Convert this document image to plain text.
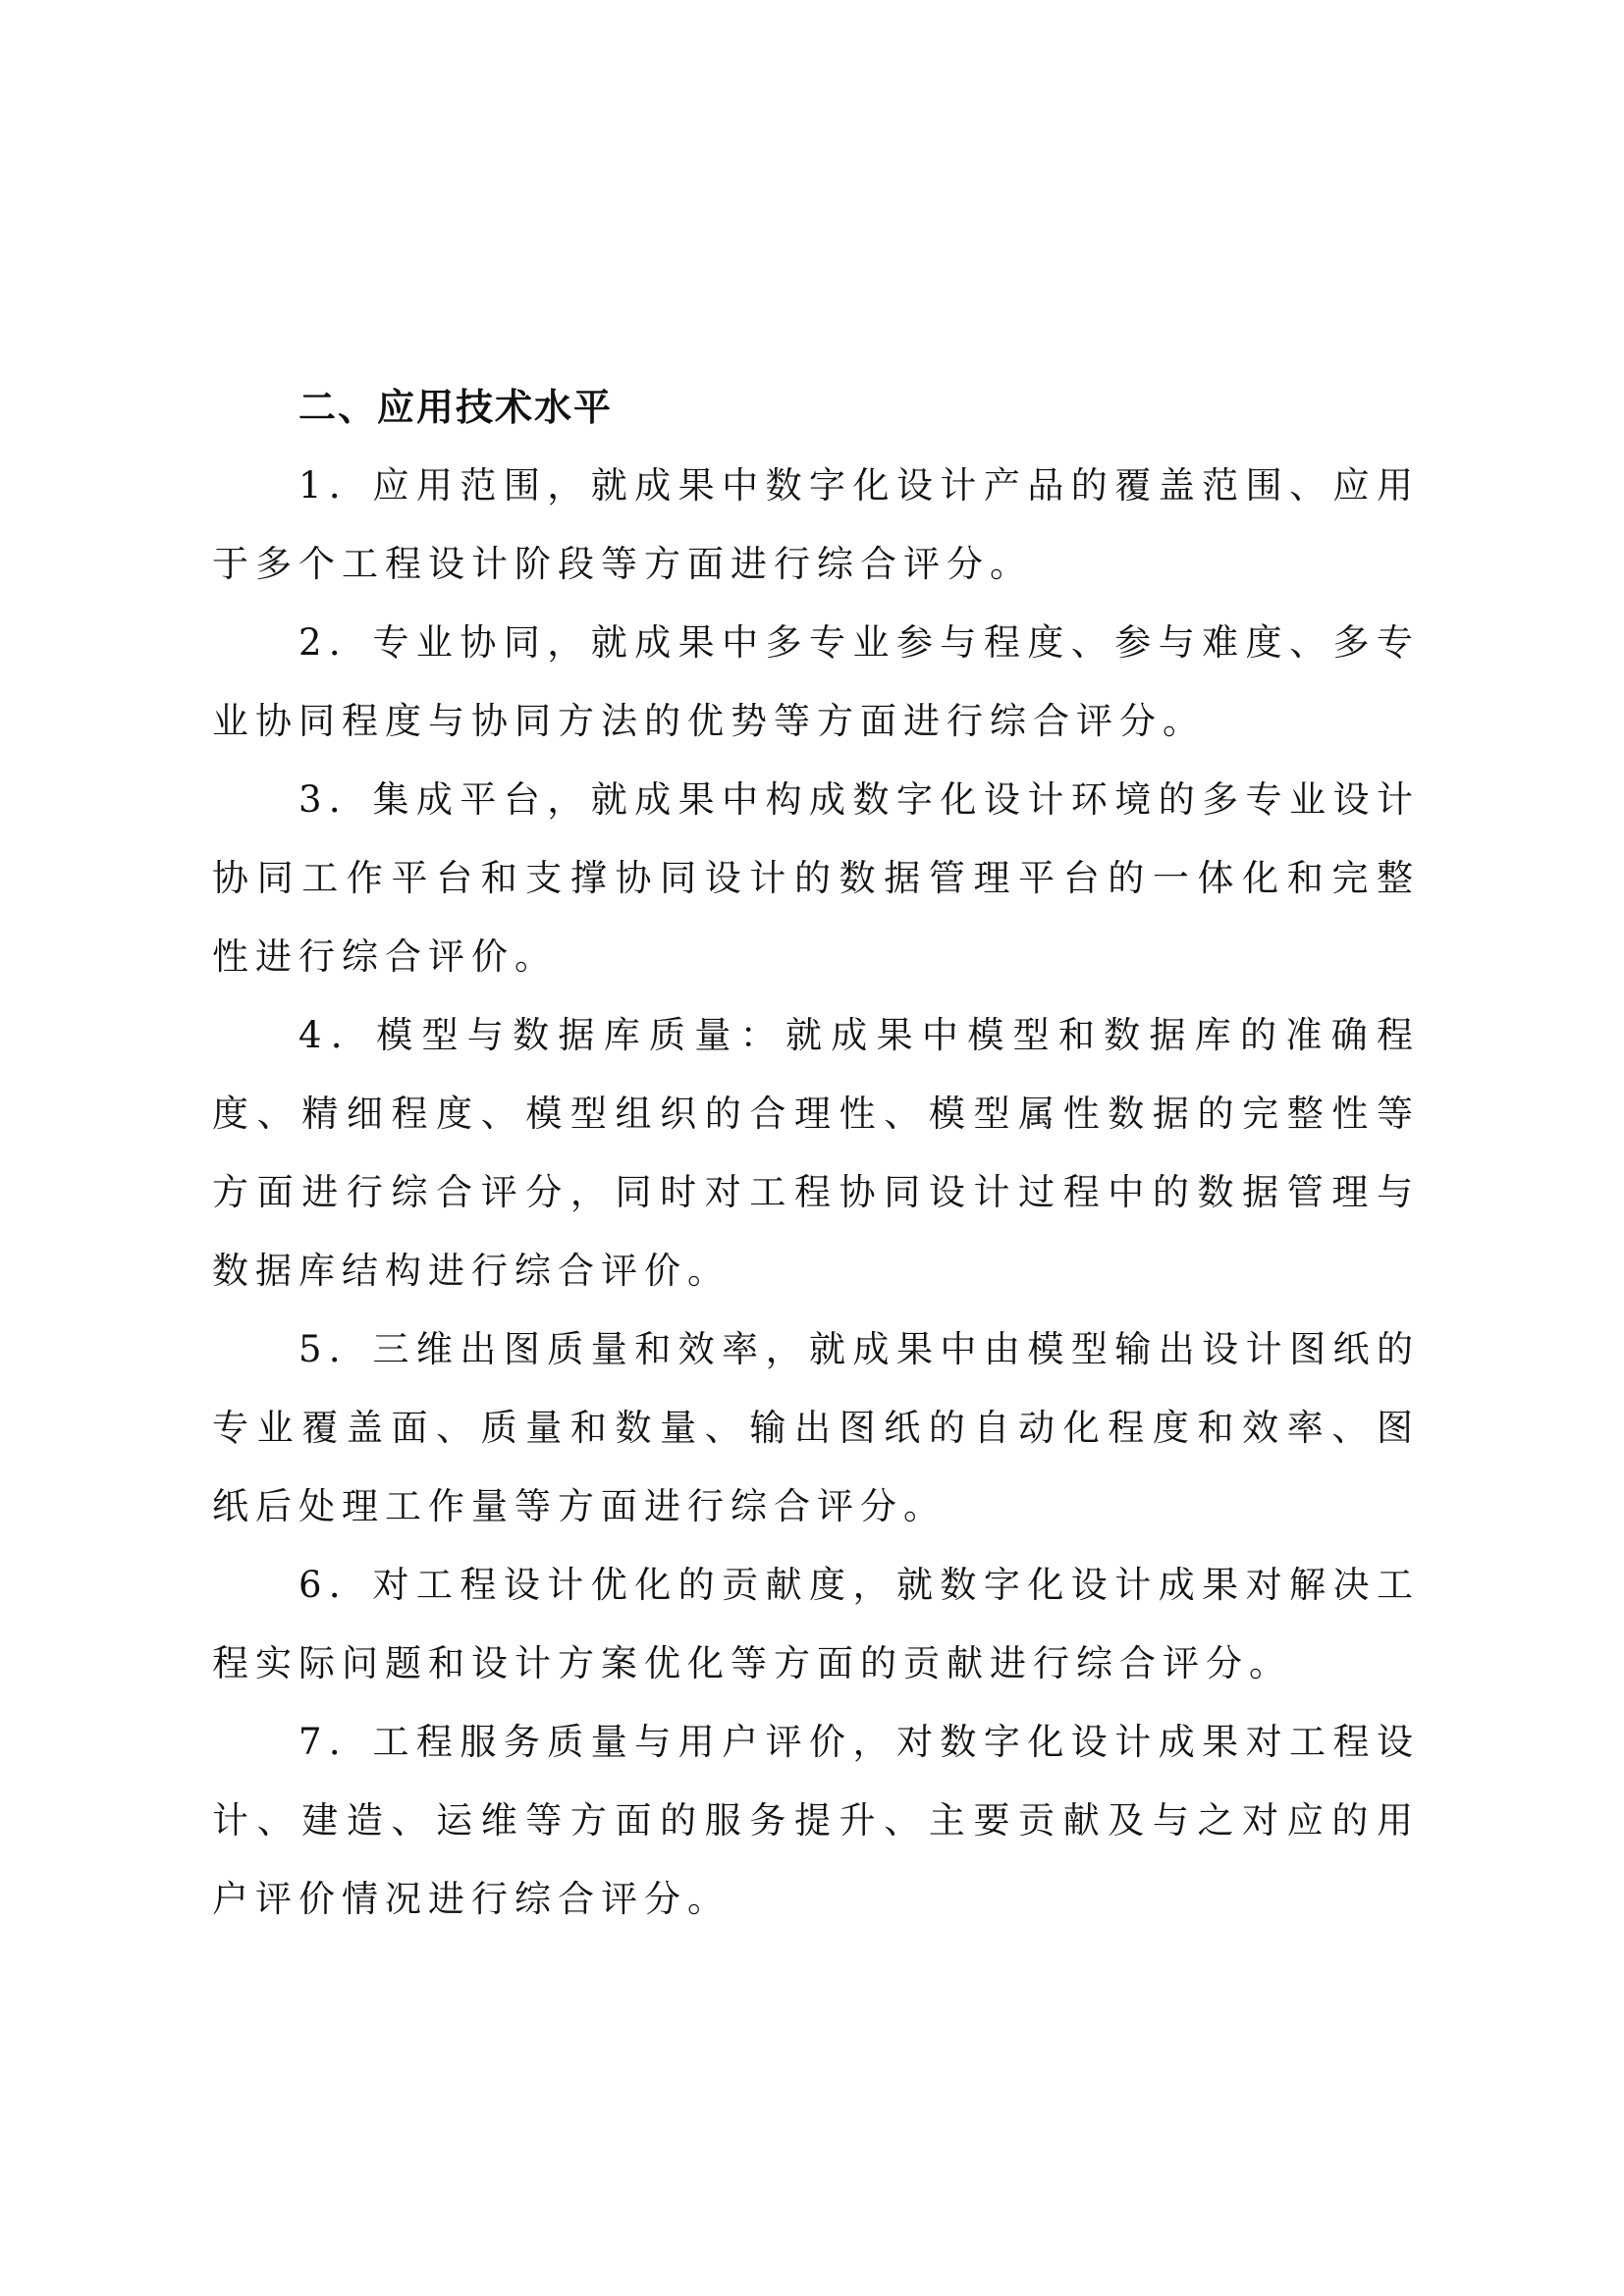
二、应用技术水平

1．应用范围，就成果中数字化设计产品的覆盖范围、应用于多个工程设计阶段等方面进行综合评分。

2．专业协同，就成果中多专业参与程度、参与难度、多专业协同程度与协同方法的优势等方面进行综合评分。

3．集成平台，就成果中构成数字化设计环境的多专业设计协同工作平台和支撑协同设计的数据管理平台的一体化和完整性进行综合评价。

4．模型与数据库质量：就成果中模型和数据库的准确程度、精细程度、模型组织的合理性、模型属性数据的完整性等方面进行综合评分，同时对工程协同设计过程中的数据管理与数据库结构进行综合评价。

5．三维出图质量和效率，就成果中由模型输出设计图纸的专业覆盖面、质量和数量、输出图纸的自动化程度和效率、图纸后处理工作量等方面进行综合评分。

6．对工程设计优化的贡献度，就数字化设计成果对解决工程实际问题和设计方案优化等方面的贡献进行综合评分。

7．工程服务质量与用户评价，对数字化设计成果对工程设计、建造、运维等方面的服务提升、主要贡献及与之对应的用户评价情况进行综合评分。
